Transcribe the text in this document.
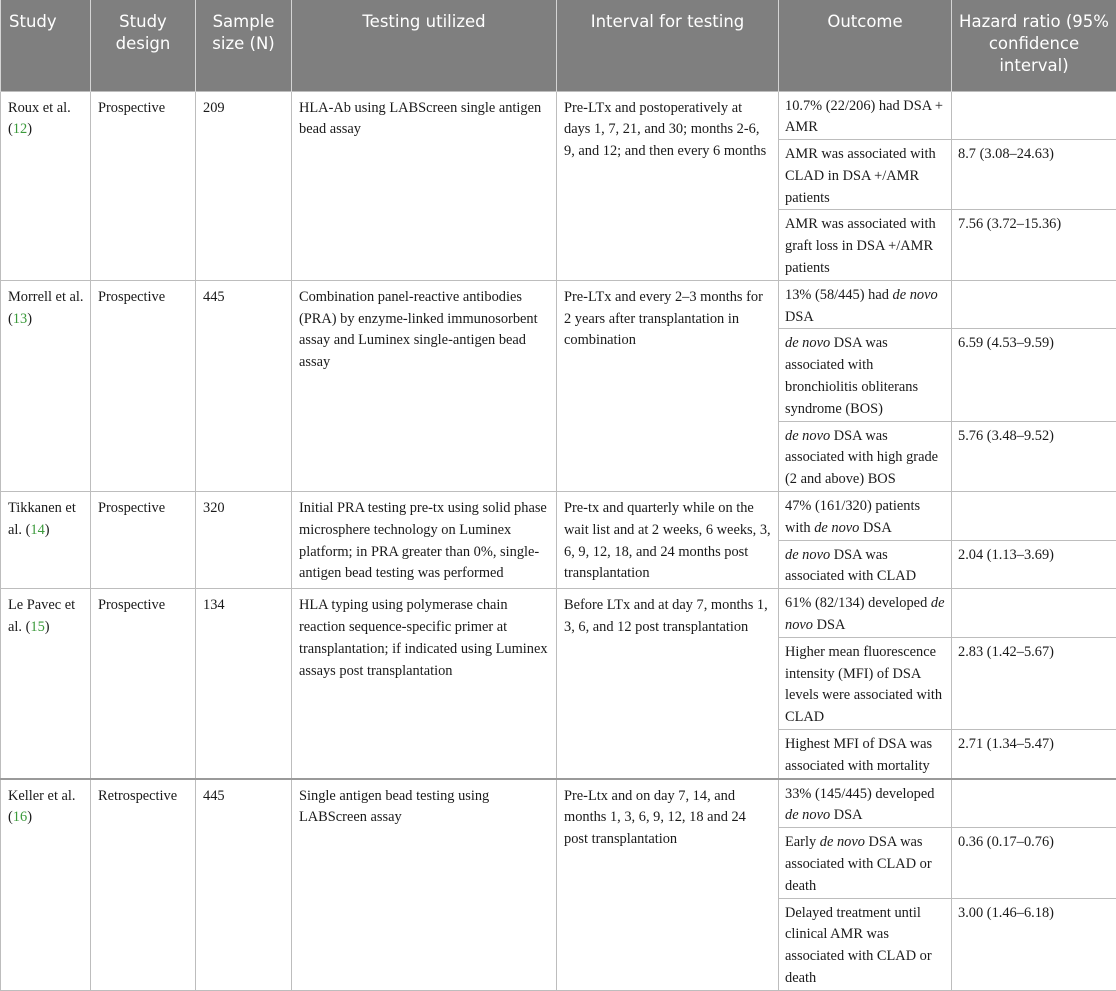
Study	Study design	Sample size (N)	Testing utilized	Interval for testing	Outcome	Hazard ratio (95% confidence interval)
Roux et al. (12)	Prospective	209	HLA-Ab using LABScreen single antigen bead assay	Pre-LTx and postoperatively at days 1, 7, 21, and 30; months 2-6, 9, and 12; and then every 6 months	10.7% (22/206) had DSA + AMR	
					AMR was associated with CLAD in DSA +/AMR patients	8.7 (3.08–24.63)
					AMR was associated with graft loss in DSA +/AMR patients	7.56 (3.72–15.36)
Morrell et al. (13)	Prospective	445	Combination panel-reactive antibodies (PRA) by enzyme-linked immunosorbent assay and Luminex single-antigen bead assay	Pre-LTx and every 2–3 months for 2 years after transplantation in combination	13% (58/445) had de novo DSA	
					de novo DSA was associated with bronchiolitis obliterans syndrome (BOS)	6.59 (4.53–9.59)
					de novo DSA was associated with high grade (2 and above) BOS	5.76 (3.48–9.52)
Tikkanen et al. (14)	Prospective	320	Initial PRA testing pre-tx using solid phase microsphere technology on Luminex platform; in PRA greater than 0%, single-antigen bead testing was performed	Pre-tx and quarterly while on the wait list and at 2 weeks, 6 weeks, 3, 6, 9, 12, 18, and 24 months post transplantation	47% (161/320) patients with de novo DSA	
					de novo DSA was associated with CLAD	2.04 (1.13–3.69)
Le Pavec et al. (15)	Prospective	134	HLA typing using polymerase chain reaction sequence-specific primer at transplantation; if indicated using Luminex assays post transplantation	Before LTx and at day 7, months 1, 3, 6, and 12 post transplantation	61% (82/134) developed de novo DSA	
					Higher mean fluorescence intensity (MFI) of DSA levels were associated with CLAD	2.83 (1.42–5.67)
					Highest MFI of DSA was associated with mortality	2.71 (1.34–5.47)
Keller et al. (16)	Retrospective	445	Single antigen bead testing using LABScreen assay	Pre-Ltx and on day 7, 14, and months 1, 3, 6, 9, 12, 18 and 24 post transplantation	33% (145/445) developed de novo DSA	
					Early de novo DSA was associated with CLAD or death	0.36 (0.17–0.76)
					Delayed treatment until clinical AMR was associated with CLAD or death	3.00 (1.46–6.18)
